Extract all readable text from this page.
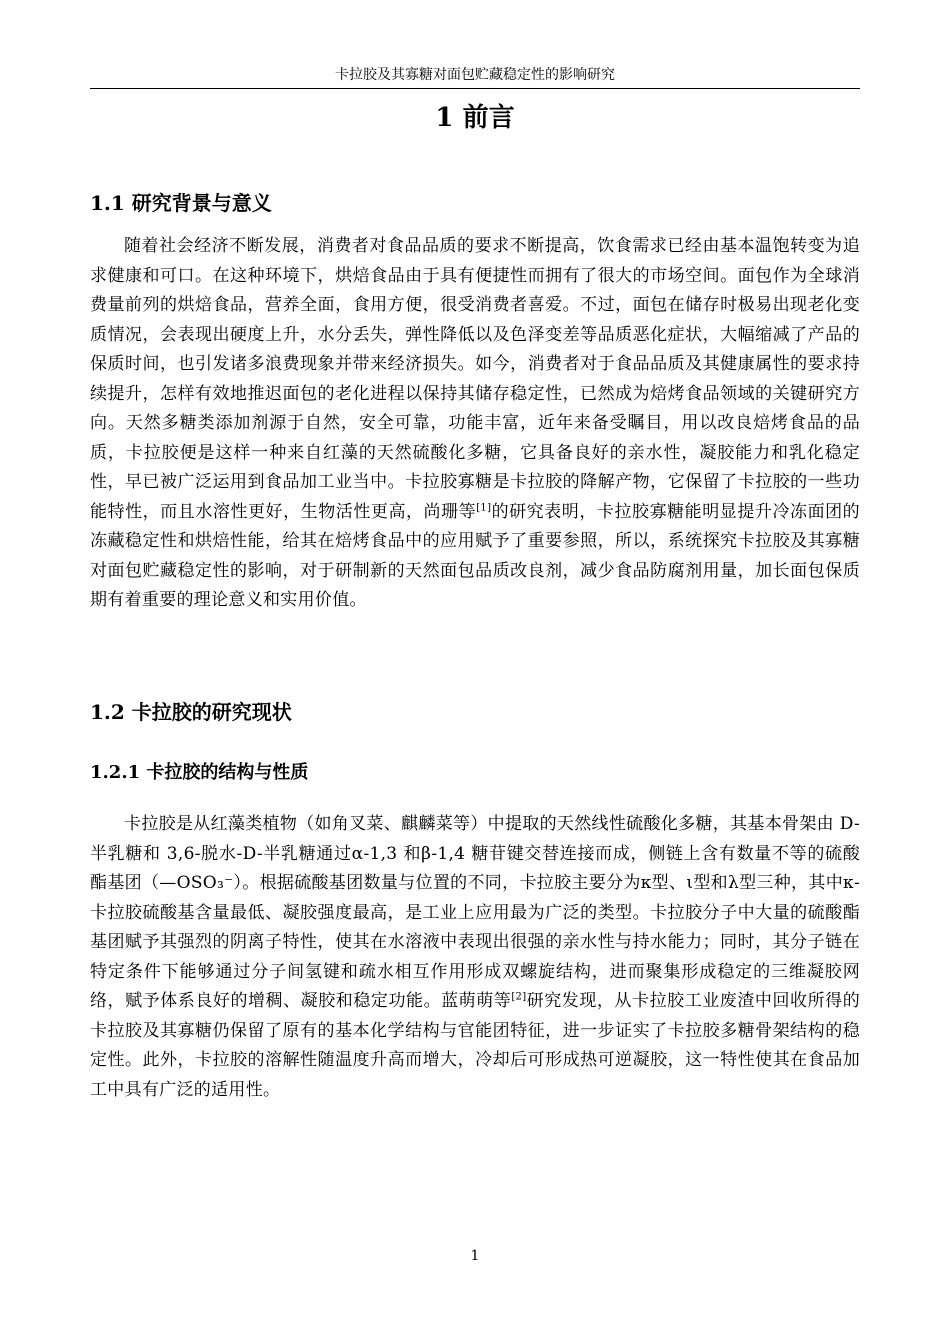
卡拉胶及其寡糖对面包贮藏稳定性的影响研究
1 前言
1.1 研究背景与意义

随着社会经济不断发展，消费者对食品品质的要求不断提高，饮食需求已经由基本温饱转变为追求健康和可口。在这种环境下，烘焙食品由于具有便捷性而拥有了很大的市场空间。面包作为全球消费量前列的烘焙食品，营养全面，食用方便，很受消费者喜爱。不过，面包在储存时极易出现老化变质情况，会表现出硬度上升，水分丢失，弹性降低以及色泽变差等品质恶化症状，大幅缩减了产品的保质时间，也引发诸多浪费现象并带来经济损失。如今，消费者对于食品品质及其健康属性的要求持续提升，怎样有效地推迟面包的老化进程以保持其储存稳定性，已然成为焙烤食品领域的关键研究方向。天然多糖类添加剂源于自然，安全可靠，功能丰富，近年来备受瞩目，用以改良焙烤食品的品质，卡拉胶便是这样一种来自红藻的天然硫酸化多糖，它具备良好的亲水性，凝胶能力和乳化稳定性，早已被广泛运用到食品加工业当中。卡拉胶寡糖是卡拉胶的降解产物，它保留了卡拉胶的一些功能特性，而且水溶性更好，生物活性更高，尚珊等[1]的研究表明，卡拉胶寡糖能明显提升冷冻面团的冻藏稳定性和烘焙性能，给其在焙烤食品中的应用赋予了重要参照，所以，系统探究卡拉胶及其寡糖对面包贮藏稳定性的影响，对于研制新的天然面包品质改良剂，减少食品防腐剂用量，加长面包保质期有着重要的理论意义和实用价值。

1.2 卡拉胶的研究现状
1.2.1 卡拉胶的结构与性质

卡拉胶是从红藻类植物（如角叉菜、麒麟菜等）中提取的天然线性硫酸化多糖，其基本骨架由 D-半乳糖和 3,6-脱水-D-半乳糖通过α-1,3 和β-1,4 糖苷键交替连接而成，侧链上含有数量不等的硫酸酯基团（—OSO₃⁻）。根据硫酸基团数量与位置的不同，卡拉胶主要分为κ型、ι型和λ型三种，其中κ-卡拉胶硫酸基含量最低、凝胶强度最高，是工业上应用最为广泛的类型。卡拉胶分子中大量的硫酸酯基团赋予其强烈的阴离子特性，使其在水溶液中表现出很强的亲水性与持水能力；同时，其分子链在特定条件下能够通过分子间氢键和疏水相互作用形成双螺旋结构，进而聚集形成稳定的三维凝胶网络，赋予体系良好的增稠、凝胶和稳定功能。蓝萌萌等[2]研究发现，从卡拉胶工业废渣中回收所得的卡拉胶及其寡糖仍保留了原有的基本化学结构与官能团特征，进一步证实了卡拉胶多糖骨架结构的稳定性。此外，卡拉胶的溶解性随温度升高而增大，冷却后可形成热可逆凝胶，这一特性使其在食品加工中具有广泛的适用性。

1
